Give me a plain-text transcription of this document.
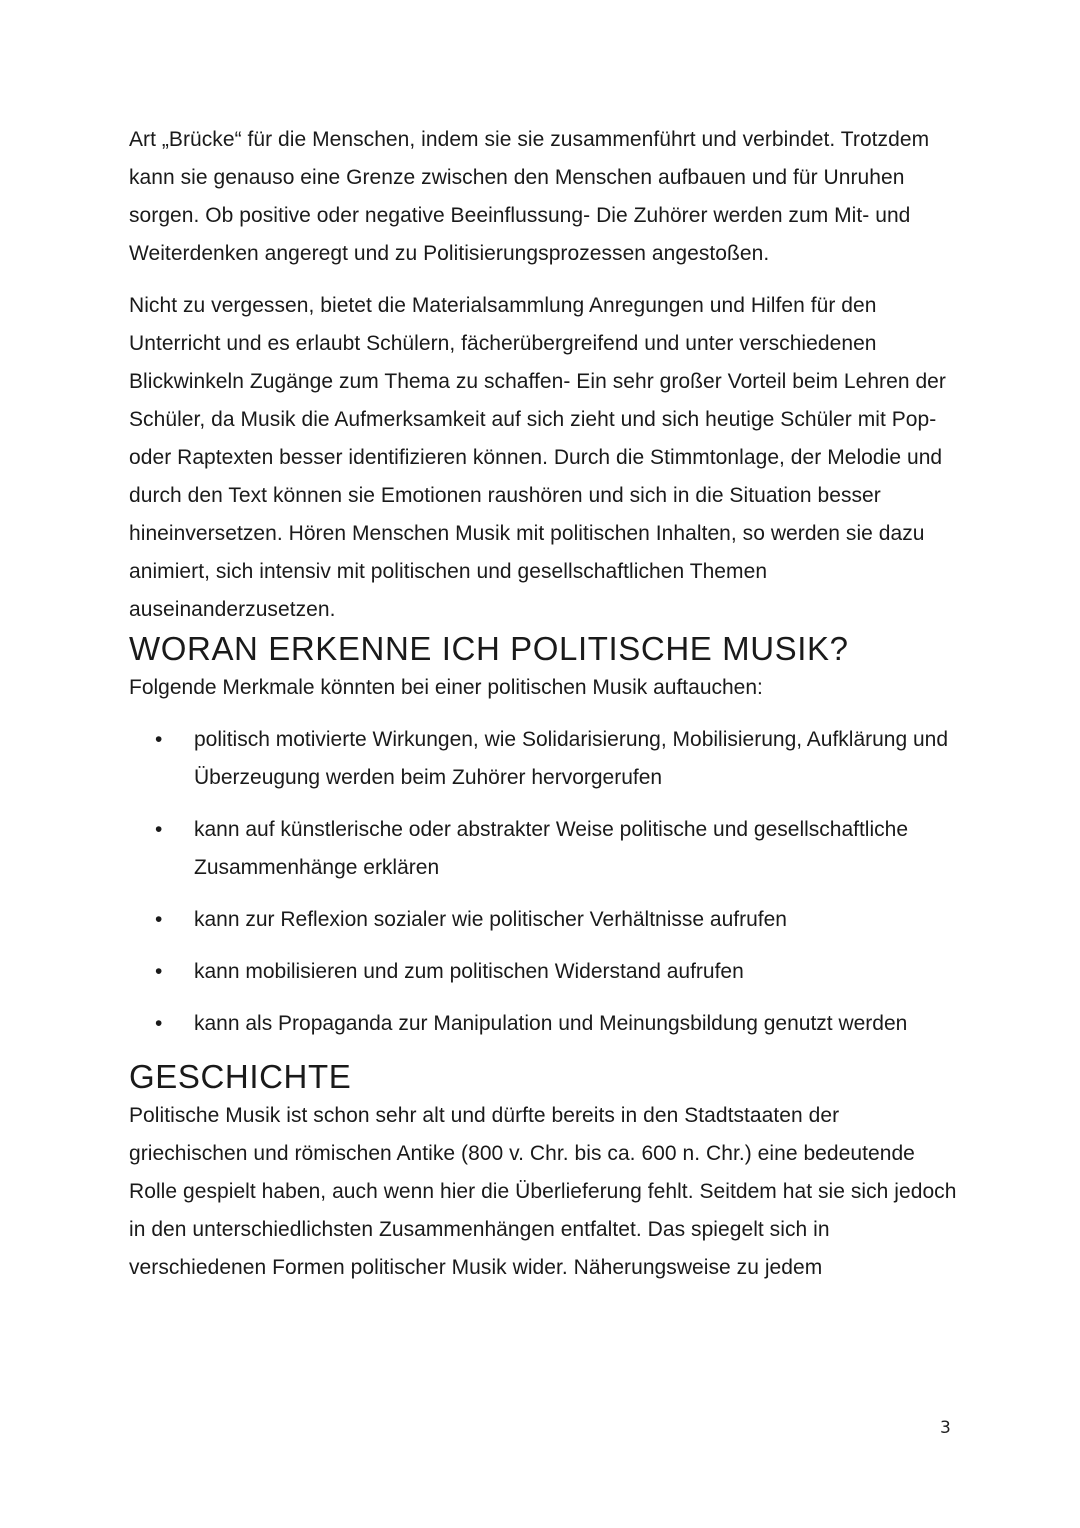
Art „Brücke“ für die Menschen, indem sie sie zusammenführt und verbindet. Trotzdem kann sie genauso eine Grenze zwischen den Menschen aufbauen und für Unruhen sorgen. Ob positive oder negative Beeinflussung- Die Zuhörer werden zum Mit- und Weiterdenken angeregt und zu Politisierungsprozessen angestoßen.

Nicht zu vergessen, bietet die Materialsammlung Anregungen und Hilfen für den Unterricht und es erlaubt Schülern, fächerübergreifend und unter verschiedenen Blickwinkeln Zugänge zum Thema zu schaffen- Ein sehr großer Vorteil beim Lehren der Schüler, da Musik die Aufmerksamkeit auf sich zieht und sich heutige Schüler mit Pop- oder Raptexten besser identifizieren können. Durch die Stimmtonlage, der Melodie und durch den Text können sie Emotionen raushören und sich in die Situation besser hineinversetzen. Hören Menschen Musik mit politischen Inhalten, so werden sie dazu animiert, sich intensiv mit politischen und gesellschaftlichen Themen auseinanderzusetzen.

WORAN ERKENNE ICH POLITISCHE MUSIK?

Folgende Merkmale könnten bei einer politischen Musik auftauchen:

• politisch motivierte Wirkungen, wie Solidarisierung, Mobilisierung, Aufklärung und Überzeugung werden beim Zuhörer hervorgerufen
• kann auf künstlerische oder abstrakter Weise politische und gesellschaftliche Zusammenhänge erklären
• kann zur Reflexion sozialer wie politischer Verhältnisse aufrufen
• kann mobilisieren und zum politischen Widerstand aufrufen
• kann als Propaganda zur Manipulation und Meinungsbildung genutzt werden
GESCHICHTE

Politische Musik ist schon sehr alt und dürfte bereits in den Stadtstaaten der griechischen und römischen Antike (800 v. Chr. bis ca. 600 n. Chr.) eine bedeutende Rolle gespielt haben, auch wenn hier die Überlieferung fehlt. Seitdem hat sie sich jedoch in den unterschiedlichsten Zusammenhängen entfaltet. Das spiegelt sich in verschiedenen Formen politischer Musik wider. Näherungsweise zu jedem

3
